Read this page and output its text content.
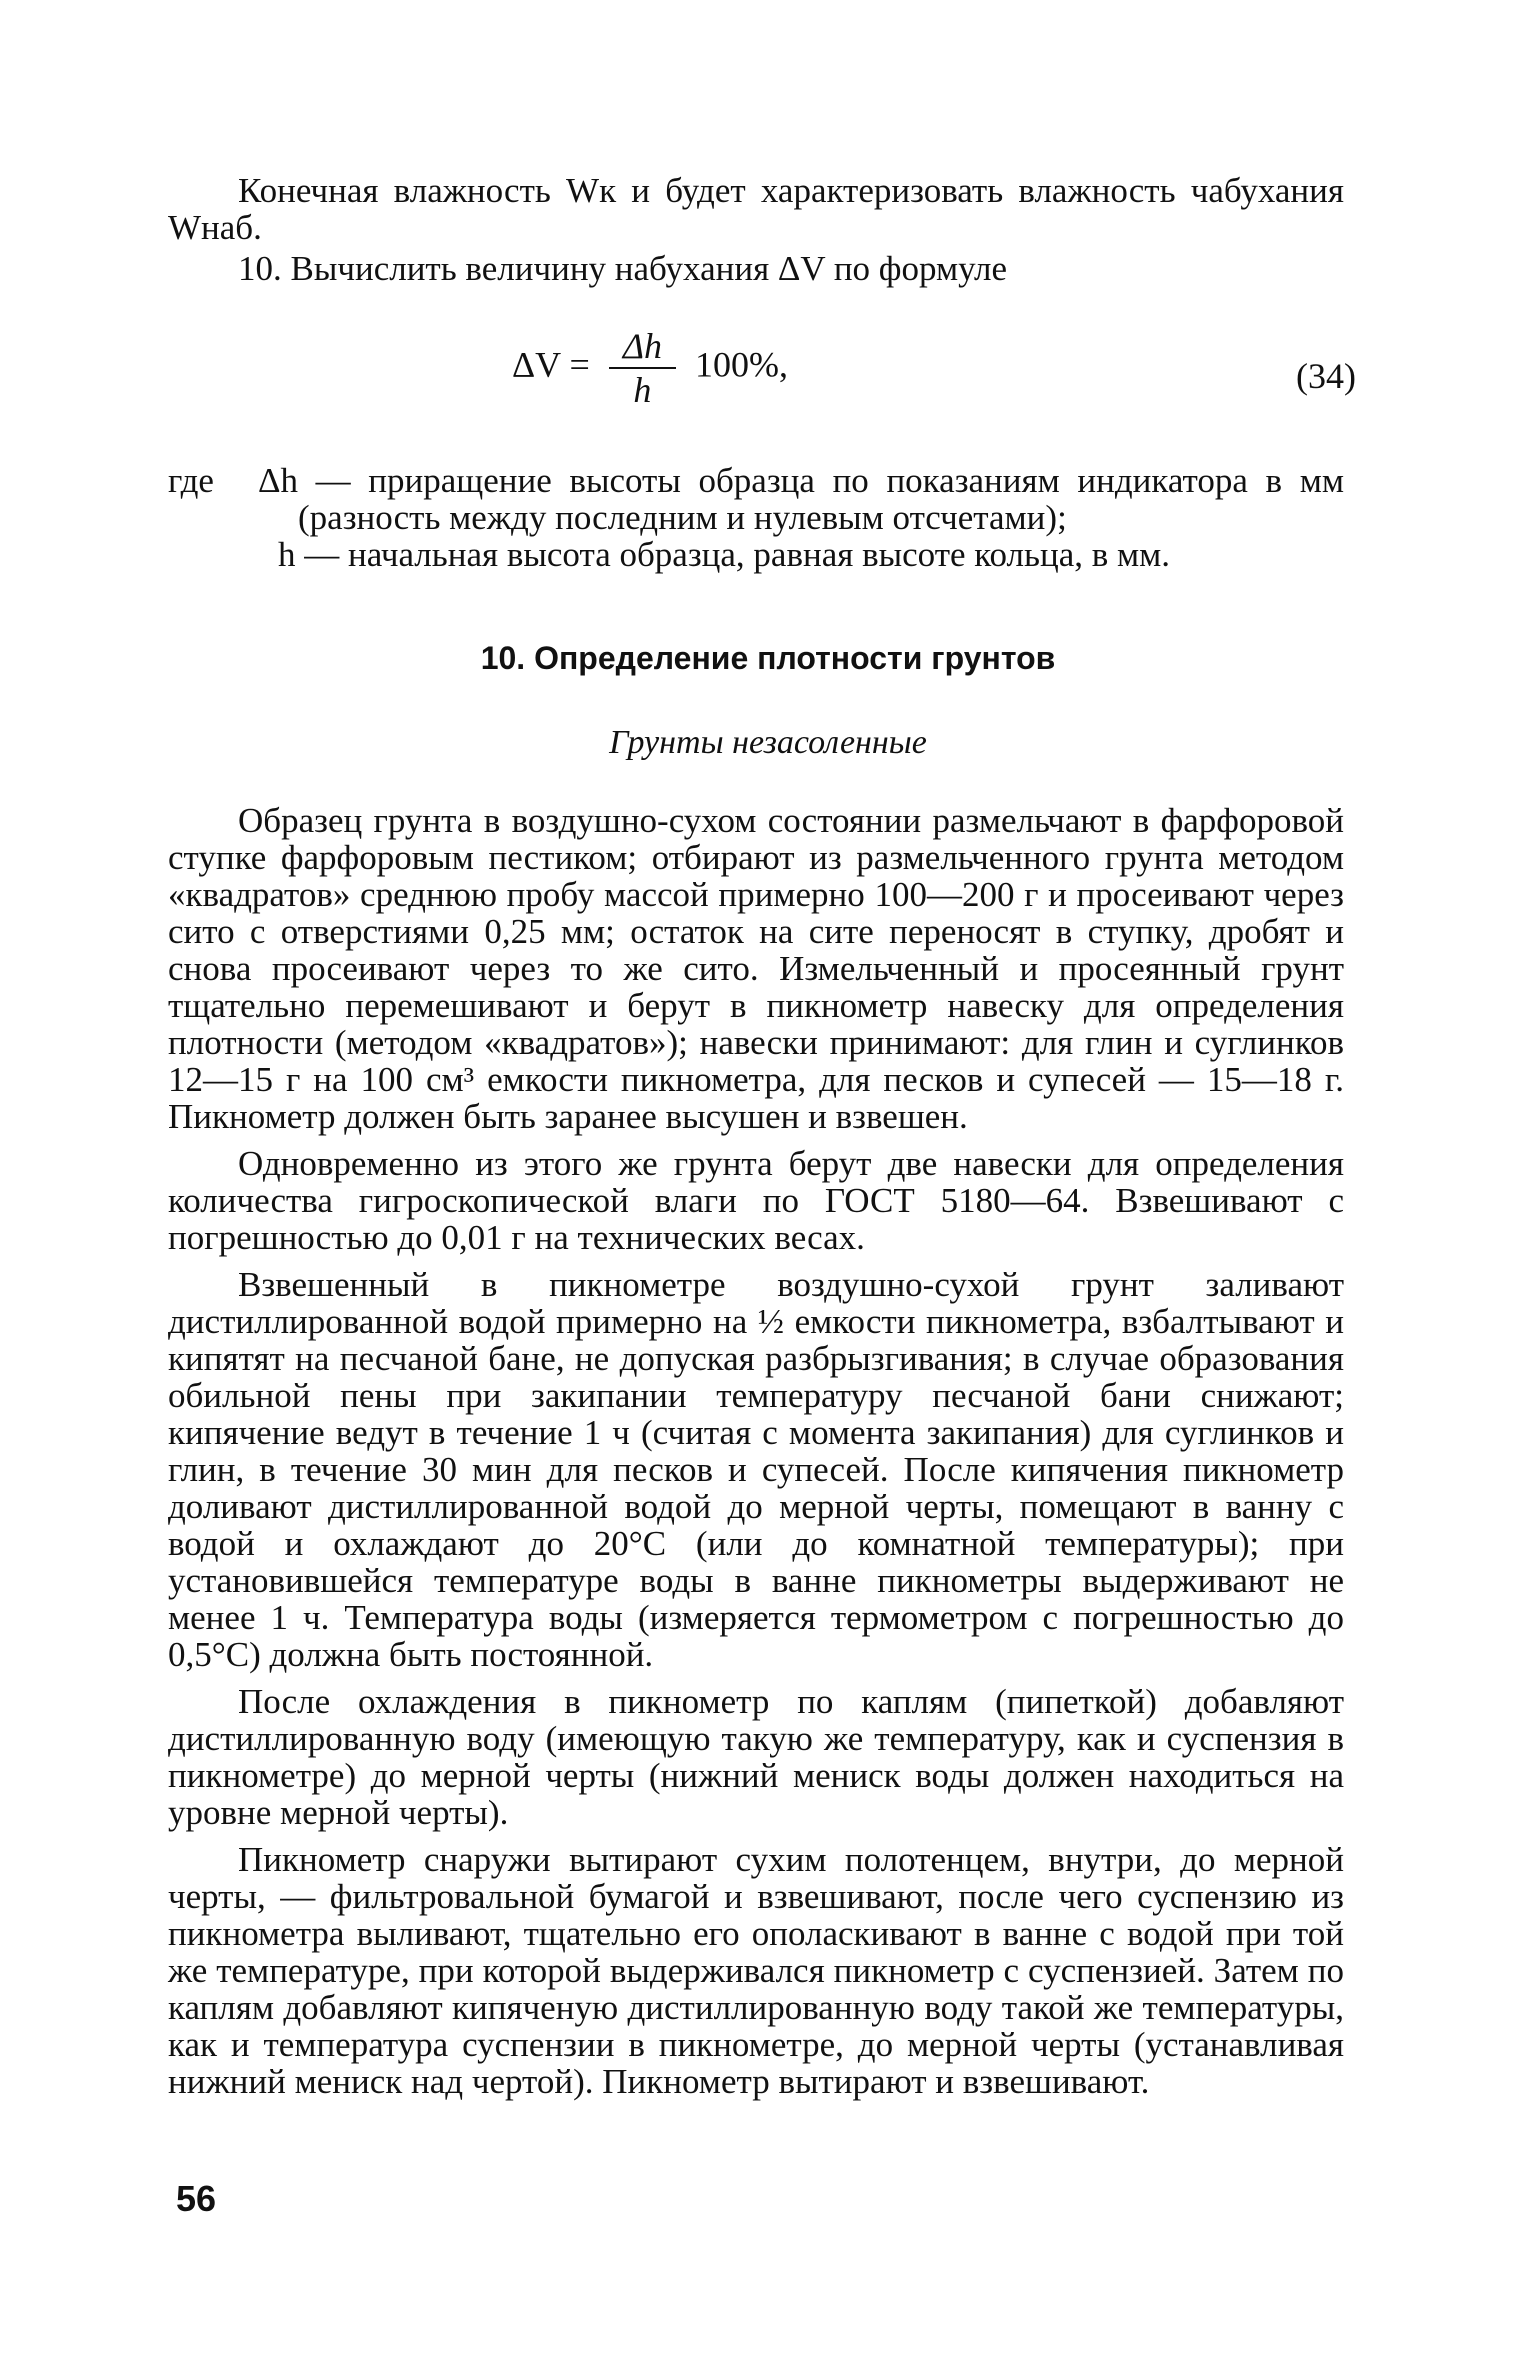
Конечная влажность Wк и будет характеризовать влажность чабухания Wнаб.

10. Вычислить величину набухания ΔV по формуле

$\Delta V = \frac{\Delta h}{h} 100\%$,	(34)
где Δh — приращение высоты образца по показаниям индикатора в мм (разность между последним и нулевым отсчетами);
h — начальная высота образца, равная высоте кольца, в мм.
10. Определение плотности грунтов
Грунты незасоленные

Образец грунта в воздушно-сухом состоянии размельчают в фарфоровой ступке фарфоровым пестиком; отбирают из размельченного грунта методом «квадратов» среднюю пробу массой примерно 100—200 г и просеивают через сито с отверстиями 0,25 мм; остаток на сите переносят в ступку, дробят и снова просеивают через то же сито. Измельченный и просеянный грунт тщательно перемешивают и берут в пикнометр навеску для определения плотности (методом «квадратов»); навески принимают: для глин и суглинков 12—15 г на 100 см³ емкости пикнометра, для песков и супесей — 15—18 г. Пикнометр должен быть заранее высушен и взвешен.

Одновременно из этого же грунта берут две навески для определения количества гигроскопической влаги по ГОСТ 5180—64. Взвешивают с погрешностью до 0,01 г на технических весах.

Взвешенный в пикнометре воздушно-сухой грунт заливают дистиллированной водой примерно на ½ емкости пикнометра, взбалтывают и кипятят на песчаной бане, не допуская разбрызгивания; в случае образования обильной пены при закипании температуру песчаной бани снижают; кипячение ведут в течение 1 ч (считая с момента закипания) для суглинков и глин, в течение 30 мин для песков и супесей. После кипячения пикнометр доливают дистиллированной водой до мерной черты, помещают в ванну с водой и охлаждают до 20°С (или до комнатной температуры); при установившейся температуре воды в ванне пикнометры выдерживают не менее 1 ч. Температура воды (измеряется термометром с погрешностью до 0,5°С) должна быть постоянной.

После охлаждения в пикнометр по каплям (пипеткой) добавляют дистиллированную воду (имеющую такую же температуру, как и суспензия в пикнометре) до мерной черты (нижний мениск воды должен находиться на уровне мерной черты).

Пикнометр снаружи вытирают сухим полотенцем, внутри, до мерной черты, — фильтровальной бумагой и взвешивают, после чего суспензию из пикнометра выливают, тщательно его ополаскивают в ванне с водой при той же температуре, при которой выдерживался пикнометр с суспензией. Затем по каплям добавляют кипяченую дистиллированную воду такой же температуры, как и температура суспензии в пикнометре, до мерной черты (устанавливая нижний мениск над чертой). Пикнометр вытирают и взвешивают.

56
